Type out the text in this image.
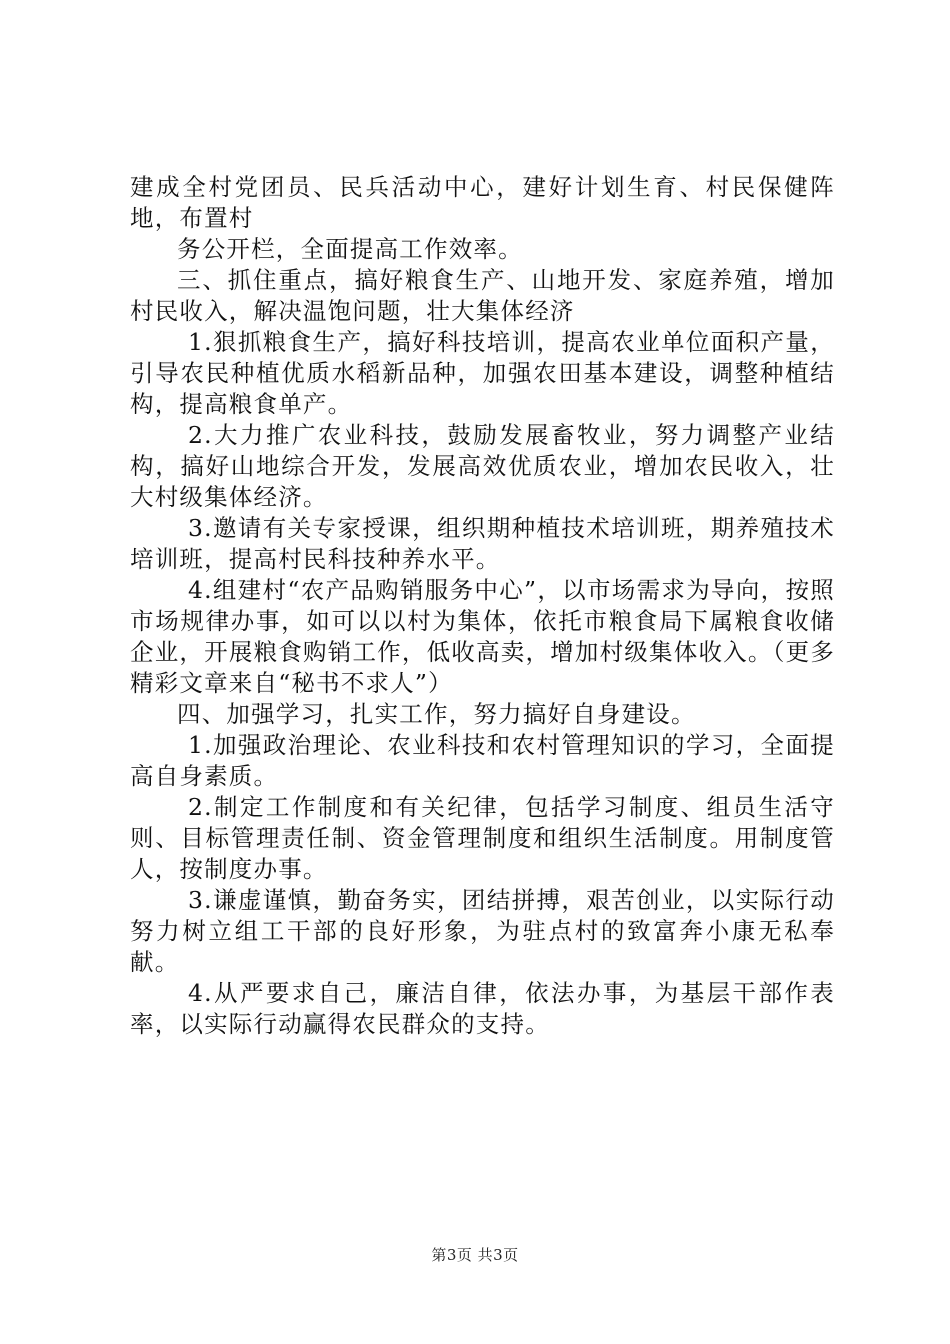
建成全村党团员、民兵活动中心，建好计划生育、村民保健阵地，布置村

务公开栏，全面提高工作效率。

三、抓住重点，搞好粮食生产、山地开发、家庭养殖，增加村民收入，解决温饱问题，壮大集体经济

1.狠抓粮食生产，搞好科技培训，提高农业单位面积产量，引导农民种植优质水稻新品种，加强农田基本建设，调整种植结构，提高粮食单产。

2.大力推广农业科技，鼓励发展畜牧业，努力调整产业结构，搞好山地综合开发，发展高效优质农业，增加农民收入，壮大村级集体经济。

3.邀请有关专家授课，组织期种植技术培训班，期养殖技术培训班，提高村民科技种养水平。

4.组建村“农产品购销服务中心”，以市场需求为导向，按照市场规律办事，如可以以村为集体，依托市粮食局下属粮食收储企业，开展粮食购销工作，低收高卖，增加村级集体收入。（更多精彩文章来自“秘书不求人”）

四、加强学习，扎实工作，努力搞好自身建设。

1.加强政治理论、农业科技和农村管理知识的学习，全面提高自身素质。

2.制定工作制度和有关纪律，包括学习制度、组员生活守则、目标管理责任制、资金管理制度和组织生活制度。用制度管人，按制度办事。

3.谦虚谨慎，勤奋务实，团结拼搏，艰苦创业，以实际行动努力树立组工干部的良好形象，为驻点村的致富奔小康无私奉献。

4.从严要求自己，廉洁自律，依法办事，为基层干部作表率，以实际行动赢得农民群众的支持。

第3页 共3页
